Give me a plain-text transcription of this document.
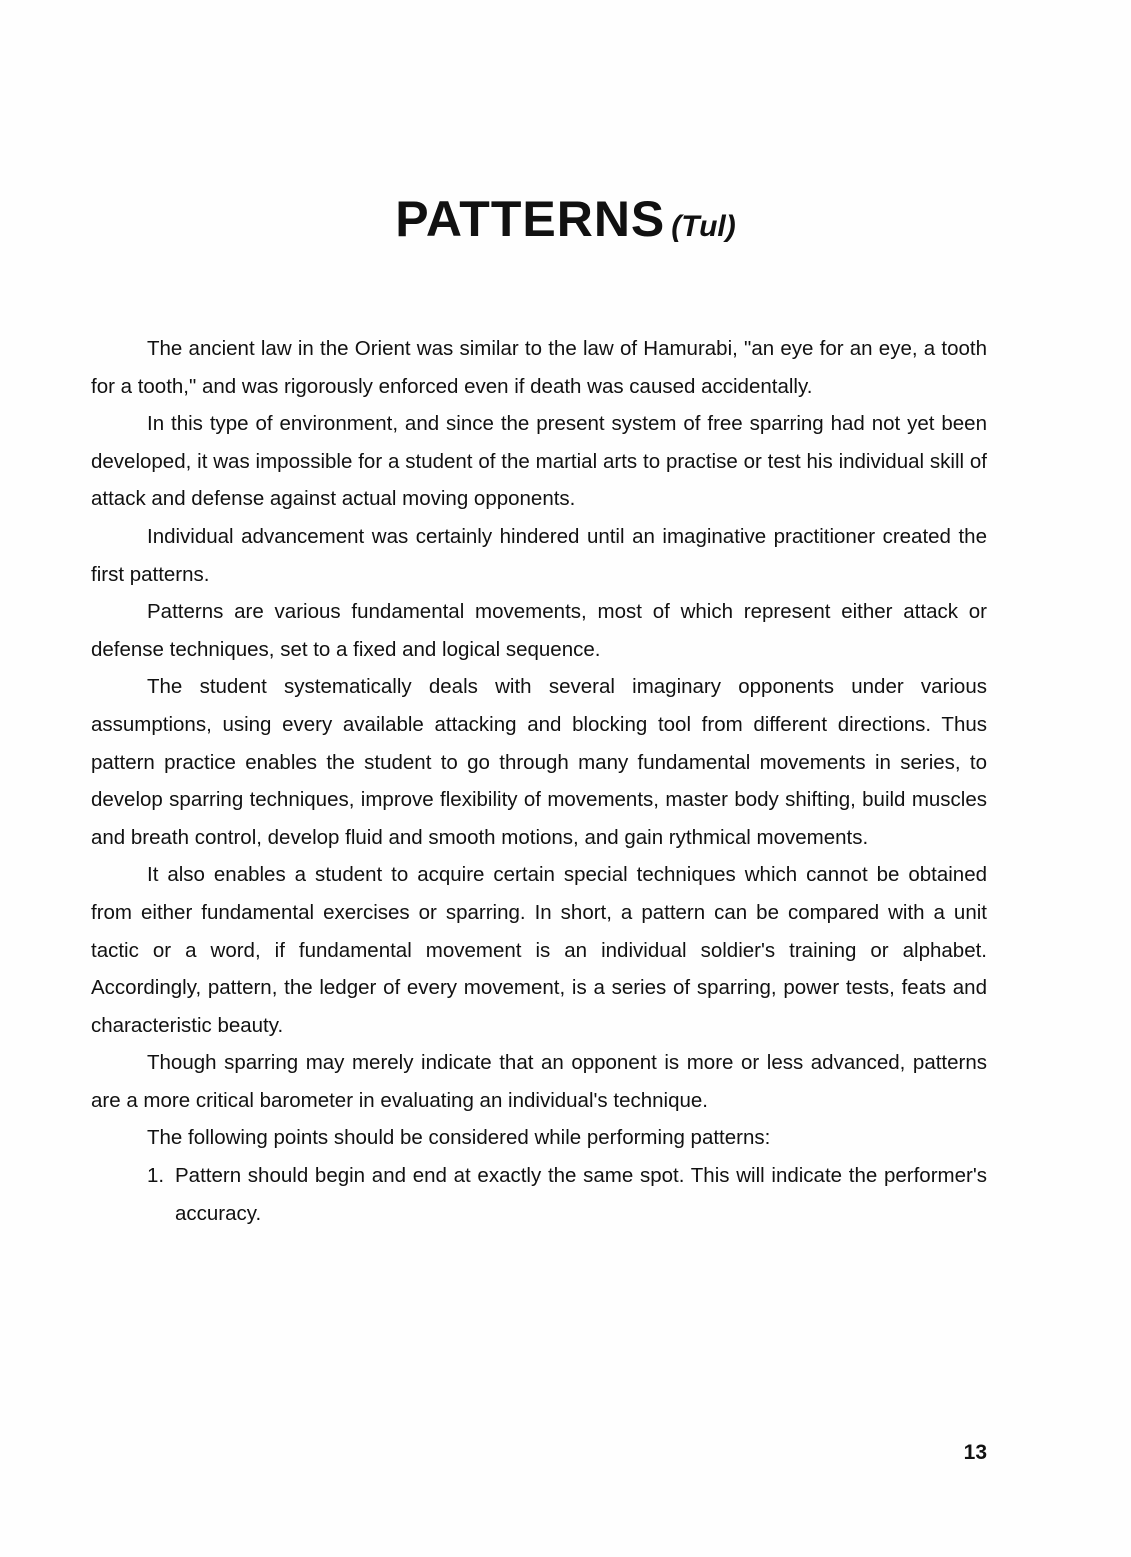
PATTERNS (Tul)

The ancient law in the Orient was similar to the law of Hamurabi, "an eye for an eye, a tooth for a tooth," and was rigorously enforced even if death was caused accidentally.

In this type of environment, and since the present system of free sparring had not yet been developed, it was impossible for a student of the martial arts to practise or test his individual skill of attack and defense against actual moving opponents.

Individual advancement was certainly hindered until an imaginative practitioner created the first patterns.

Patterns are various fundamental movements, most of which represent either attack or defense techniques, set to a fixed and logical sequence.

The student systematically deals with several imaginary opponents under various assumptions, using every available attacking and blocking tool from different directions. Thus pattern practice enables the student to go through many fundamental movements in series, to develop sparring techniques, improve flexibility of movements, master body shifting, build muscles and breath control, develop fluid and smooth motions, and gain rythmical movements.

It also enables a student to acquire certain special techniques which cannot be obtained from either fundamental exercises or sparring. In short, a pattern can be compared with a unit tactic or a word, if fundamental movement is an individual soldier's training or alphabet. Accordingly, pattern, the ledger of every movement, is a series of sparring, power tests, feats and characteristic beauty.

Though sparring may merely indicate that an opponent is more or less advanced, patterns are a more critical barometer in evaluating an individual's technique.

The following points should be considered while performing patterns:

1. Pattern should begin and end at exactly the same spot. This will indicate the performer's accuracy.
13
